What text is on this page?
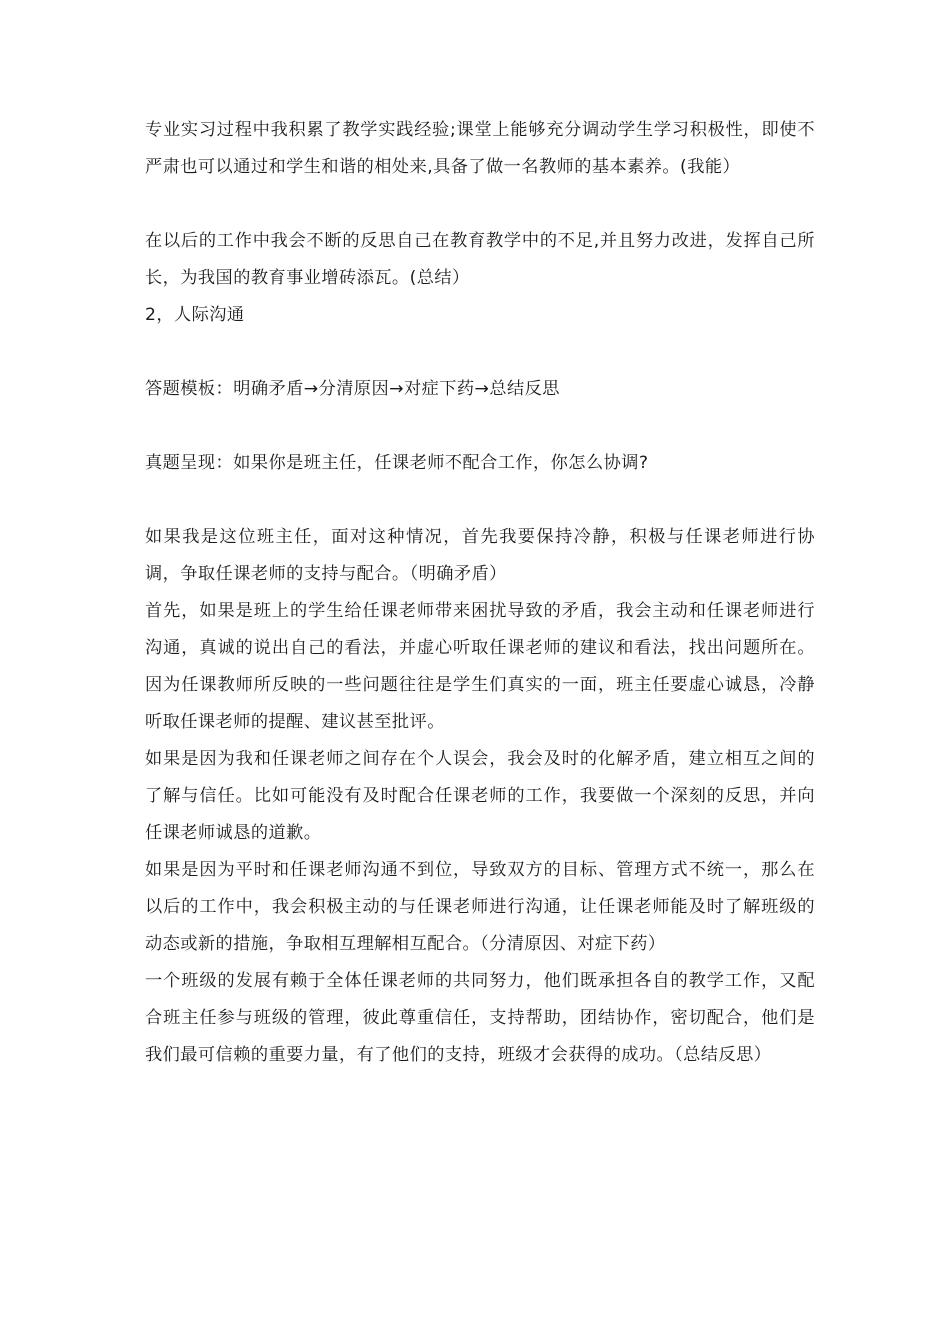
专业实习过程中我积累了教学实践经验;课堂上能够充分调动学生学习积极性，即使不严肃也可以通过和学生和谐的相处来,具备了做一名教师的基本素养。(我能）

在以后的工作中我会不断的反思自己在教育教学中的不足,并且努力改进，发挥自己所长，为我国的教育事业增砖添瓦。(总结）

2，人际沟通

答题模板：明确矛盾→分清原因→对症下药→总结反思

真题呈现：如果你是班主任，任课老师不配合工作，你怎么协调?

如果我是这位班主任，面对这种情况，首先我要保持冷静，积极与任课老师进行协调，争取任课老师的支持与配合。（明确矛盾）

首先，如果是班上的学生给任课老师带来困扰导致的矛盾，我会主动和任课老师进行沟通，真诚的说出自己的看法，并虚心听取任课老师的建议和看法，找出问题所在。因为任课教师所反映的一些问题往往是学生们真实的一面，班主任要虚心诚恳，冷静听取任课老师的提醒、建议甚至批评。

如果是因为我和任课老师之间存在个人误会，我会及时的化解矛盾，建立相互之间的了解与信任。比如可能没有及时配合任课老师的工作，我要做一个深刻的反思，并向任课老师诚恳的道歉。

如果是因为平时和任课老师沟通不到位，导致双方的目标、管理方式不统一，那么在以后的工作中，我会积极主动的与任课老师进行沟通，让任课老师能及时了解班级的动态或新的措施，争取相互理解相互配合。（分清原因、对症下药）

一个班级的发展有赖于全体任课老师的共同努力，他们既承担各自的教学工作，又配合班主任参与班级的管理，彼此尊重信任，支持帮助，团结协作，密切配合，他们是我们最可信赖的重要力量，有了他们的支持，班级才会获得的成功。（总结反思）
